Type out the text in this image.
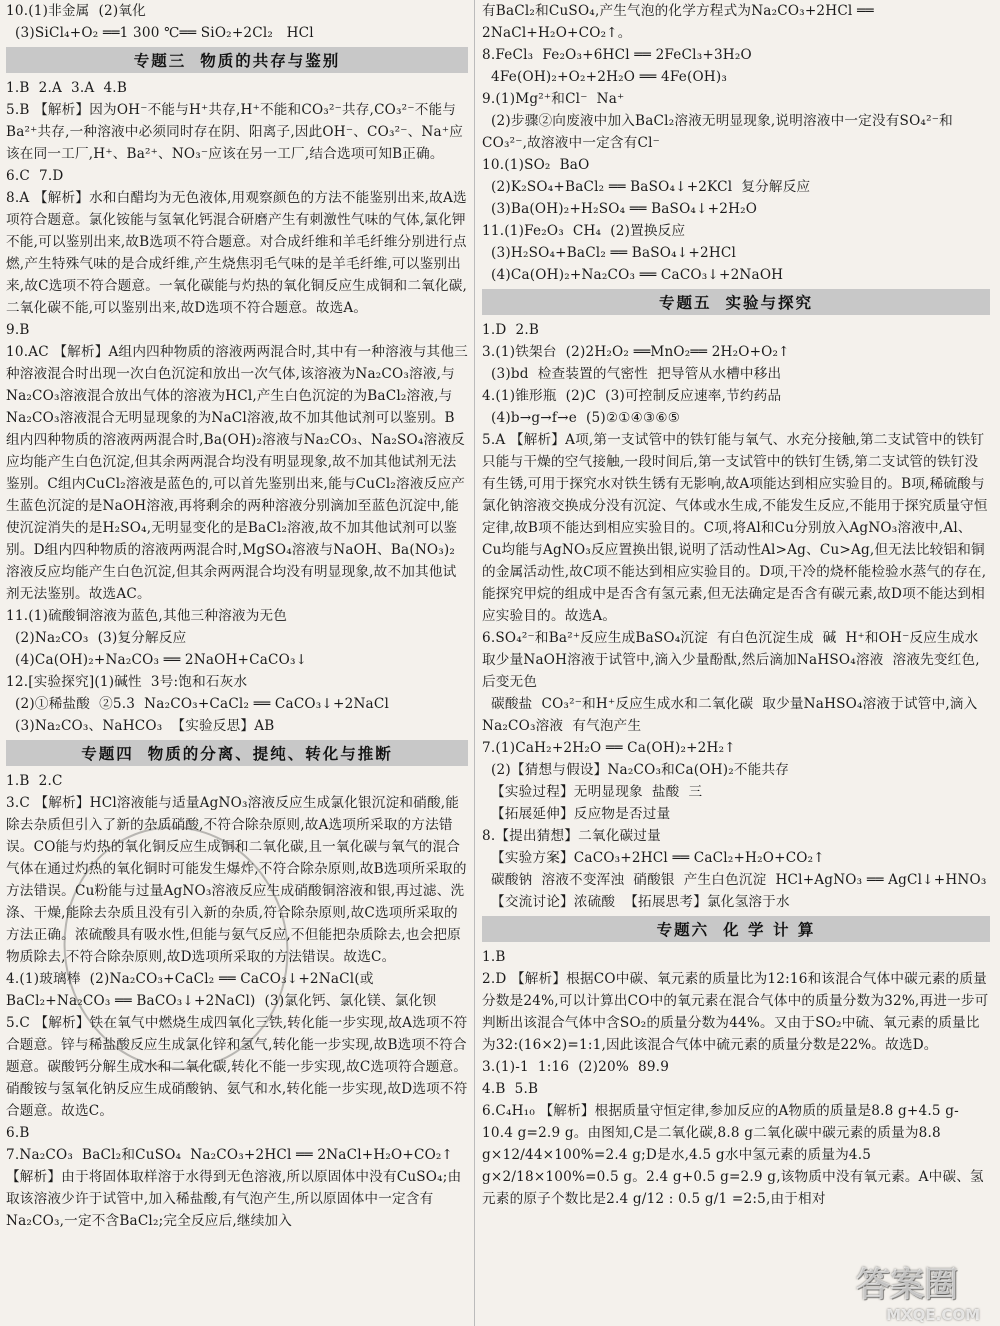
10.(1)非金属  (2)氧化
(3)SiCl₄+O₂ ══1 300 ℃══ SiO₂+2Cl₂   HCl
专题三 物质的共存与鉴别
1.B  2.A  3.A  4.B
5.B 【解析】因为OH⁻不能与H⁺共存,H⁺不能和CO₃²⁻共存,CO₃²⁻不能与Ba²⁺共存,一种溶液中必须同时存在阴、阳离子,因此OH⁻、CO₃²⁻、Na⁺应该在同一工厂,H⁺、Ba²⁺、NO₃⁻应该在另一工厂,结合选项可知B正确。
6.C  7.D
8.A 【解析】水和白醋均为无色液体,用观察颜色的方法不能鉴别出来,故A选项符合题意。氯化铵能与氢氧化钙混合研磨产生有刺激性气味的气体,氯化钾不能,可以鉴别出来,故B选项不符合题意。对合成纤维和羊毛纤维分别进行点燃,产生特殊气味的是合成纤维,产生烧焦羽毛气味的是羊毛纤维,可以鉴别出来,故C选项不符合题意。一氧化碳能与灼热的氧化铜反应生成铜和二氧化碳,二氧化碳不能,可以鉴别出来,故D选项不符合题意。故选A。
9.B
10.AC 【解析】A组内四种物质的溶液两两混合时,其中有一种溶液与其他三种溶液混合时出现一次白色沉淀和放出一次气体,该溶液为Na₂CO₃溶液,与Na₂CO₃溶液混合放出气体的溶液为HCl,产生白色沉淀的为BaCl₂溶液,与Na₂CO₃溶液混合无明显现象的为NaCl溶液,故不加其他试剂可以鉴别。B组内四种物质的溶液两两混合时,Ba(OH)₂溶液与Na₂CO₃、Na₂SO₄溶液反应均能产生白色沉淀,但其余两两混合均没有明显现象,故不加其他试剂无法鉴别。C组内CuCl₂溶液是蓝色的,可以首先鉴别出来,能与CuCl₂溶液反应产生蓝色沉淀的是NaOH溶液,再将剩余的两种溶液分别滴加至蓝色沉淀中,能使沉淀消失的是H₂SO₄,无明显变化的是BaCl₂溶液,故不加其他试剂可以鉴别。D组内四种物质的溶液两两混合时,MgSO₄溶液与NaOH、Ba(NO₃)₂溶液反应均能产生白色沉淀,但其余两两混合均没有明显现象,故不加其他试剂无法鉴别。故选AC。
11.(1)硫酸铜溶液为蓝色,其他三种溶液为无色
(2)Na₂CO₃  (3)复分解反应
(4)Ca(OH)₂+Na₂CO₃ ══ 2NaOH+CaCO₃↓
12.[实验探究](1)碱性  3号:饱和石灰水
(2)①稀盐酸  ②5.3  Na₂CO₃+CaCl₂ ══ CaCO₃↓+2NaCl
(3)Na₂CO₃、NaHCO₃  【实验反思】AB
专题四 物质的分离、提纯、转化与推断
1.B  2.C
3.C 【解析】HCl溶液能与适量AgNO₃溶液反应生成氯化银沉淀和硝酸,能除去杂质但引入了新的杂质硝酸,不符合除杂原则,故A选项所采取的方法错误。CO能与灼热的氧化铜反应生成铜和二氧化碳,且一氧化碳与氧气的混合气体在通过灼热的氧化铜时可能发生爆炸,不符合除杂原则,故B选项所采取的方法错误。Cu粉能与过量AgNO₃溶液反应生成硝酸铜溶液和银,再过滤、洗涤、干燥,能除去杂质且没有引入新的杂质,符合除杂原则,故C选项所采取的方法正确。浓硫酸具有吸水性,但能与氨气反应,不但能把杂质除去,也会把原物质除去,不符合除杂原则,故D选项所采取的方法错误。故选C。
4.(1)玻璃棒  (2)Na₂CO₃+CaCl₂ ══ CaCO₃↓+2NaCl(或BaCl₂+Na₂CO₃ ══ BaCO₃↓+2NaCl)  (3)氯化钙、氯化镁、氯化钡
5.C 【解析】铁在氧气中燃烧生成四氧化三铁,转化能一步实现,故A选项不符合题意。锌与稀盐酸反应生成氯化锌和氢气,转化能一步实现,故B选项不符合题意。碳酸钙分解生成水和二氧化碳,转化不能一步实现,故C选项符合题意。硝酸铵与氢氧化钠反应生成硝酸钠、氨气和水,转化能一步实现,故D选项不符合题意。故选C。
6.B
7.Na₂CO₃  BaCl₂和CuSO₄  Na₂CO₃+2HCl ══ 2NaCl+H₂O+CO₂↑
【解析】由于将固体取样溶于水得到无色溶液,所以原固体中没有CuSO₄;由取该溶液少许于试管中,加入稀盐酸,有气泡产生,所以原固体中一定含有Na₂CO₃,一定不含BaCl₂;完全反应后,继续加入
有BaCl₂和CuSO₄,产生气泡的化学方程式为Na₂CO₃+2HCl ══ 2NaCl+H₂O+CO₂↑。
8.FeCl₃  Fe₂O₃+6HCl ══ 2FeCl₃+3H₂O
4Fe(OH)₂+O₂+2H₂O ══ 4Fe(OH)₃
9.(1)Mg²⁺和Cl⁻  Na⁺
(2)步骤②向废液中加入BaCl₂溶液无明显现象,说明溶液中一定没有SO₄²⁻和CO₃²⁻,故溶液中一定含有Cl⁻
10.(1)SO₂  BaO
(2)K₂SO₄+BaCl₂ ══ BaSO₄↓+2KCl  复分解反应
(3)Ba(OH)₂+H₂SO₄ ══ BaSO₄↓+2H₂O
11.(1)Fe₂O₃  CH₄  (2)置换反应
(3)H₂SO₄+BaCl₂ ══ BaSO₄↓+2HCl
(4)Ca(OH)₂+Na₂CO₃ ══ CaCO₃↓+2NaOH
专题五 实验与探究
1.D  2.B
3.(1)铁架台  (2)2H₂O₂ ══MnO₂══ 2H₂O+O₂↑
(3)bd  检查装置的气密性  把导管从水槽中移出
4.(1)锥形瓶  (2)C  (3)可控制反应速率,节约药品
(4)b→g→f→e  (5)②①④③⑥⑤
5.A 【解析】A项,第一支试管中的铁钉能与氧气、水充分接触,第二支试管中的铁钉只能与干燥的空气接触,一段时间后,第一支试管中的铁钉生锈,第二支试管的铁钉没有生锈,可用于探究水对铁生锈有无影响,故A项能达到相应实验目的。B项,稀硫酸与氯化钠溶液交换成分没有沉淀、气体或水生成,不能发生反应,不能用于探究质量守恒定律,故B项不能达到相应实验目的。C项,将Al和Cu分别放入AgNO₃溶液中,Al、Cu均能与AgNO₃反应置换出银,说明了活动性Al>Ag、Cu>Ag,但无法比较铝和铜的金属活动性,故C项不能达到相应实验目的。D项,干冷的烧杯能检验水蒸气的存在,能探究甲烷的组成中是否含有氢元素,但无法确定是否含有碳元素,故D项不能达到相应实验目的。故选A。
6.SO₄²⁻和Ba²⁺反应生成BaSO₄沉淀  有白色沉淀生成  碱  H⁺和OH⁻反应生成水  取少量NaOH溶液于试管中,滴入少量酚酞,然后滴加NaHSO₄溶液  溶液先变红色,后变无色
碳酸盐  CO₃²⁻和H⁺反应生成水和二氧化碳  取少量NaHSO₄溶液于试管中,滴入Na₂CO₃溶液  有气泡产生
7.(1)CaH₂+2H₂O ══ Ca(OH)₂+2H₂↑
(2)【猜想与假设】Na₂CO₃和Ca(OH)₂不能共存
【实验过程】无明显现象  盐酸  三
【拓展延伸】反应物是否过量
8.【提出猜想】二氧化碳过量
【实验方案】CaCO₃+2HCl ══ CaCl₂+H₂O+CO₂↑
碳酸钠  溶液不变浑浊  硝酸银  产生白色沉淀  HCl+AgNO₃ ══ AgCl↓+HNO₃
【交流讨论】浓硫酸  【拓展思考】氯化氢溶于水
专题六 化 学 计 算
1.B
2.D 【解析】根据CO中碳、氧元素的质量比为12:16和该混合气体中碳元素的质量分数是24%,可以计算出CO中的氧元素在混合气体中的质量分数为32%,再进一步可判断出该混合气体中含SO₂的质量分数为44%。又由于SO₂中硫、氧元素的质量比为32:(16×2)=1:1,因此该混合气体中硫元素的质量分数是22%。故选D。
3.(1)-1  1:16  (2)20%  89.9
4.B  5.B
6.C₄H₁₀ 【解析】根据质量守恒定律,参加反应的A物质的质量是8.8 g+4.5 g-10.4 g=2.9 g。由图知,C是二氧化碳,8.8 g二氧化碳中碳元素的质量为8.8 g×12/44×100%=2.4 g;D是水,4.5 g水中氢元素的质量为4.5 g×2/18×100%=0.5 g。2.4 g+0.5 g=2.9 g,该物质中没有氧元素。A中碳、氢元素的原子个数比是2.4 g/12 : 0.5 g/1 =2:5,由于相对
答案圈
MXQE.COM
